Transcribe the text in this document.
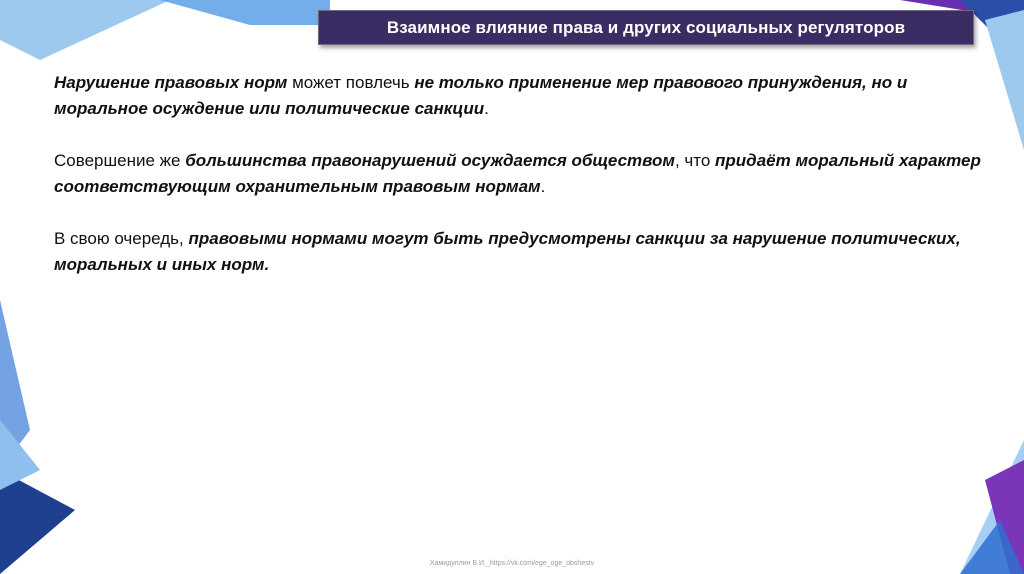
Взаимное влияние права и других социальных регуляторов

Нарушение правовых норм может повлечь не только применение мер правового принуждения, но и моральное осуждение или политические санкции.

Совершение же большинства правонарушений осуждается обществом, что придаёт моральный характер соответствующим охранительным правовым нормам.

В свою очередь, правовыми нормами могут быть предусмотрены санкции за нарушение политических, моральных и иных норм.

Хамидуллин Б.И._https://vk.com/ege_oge_obshestv
